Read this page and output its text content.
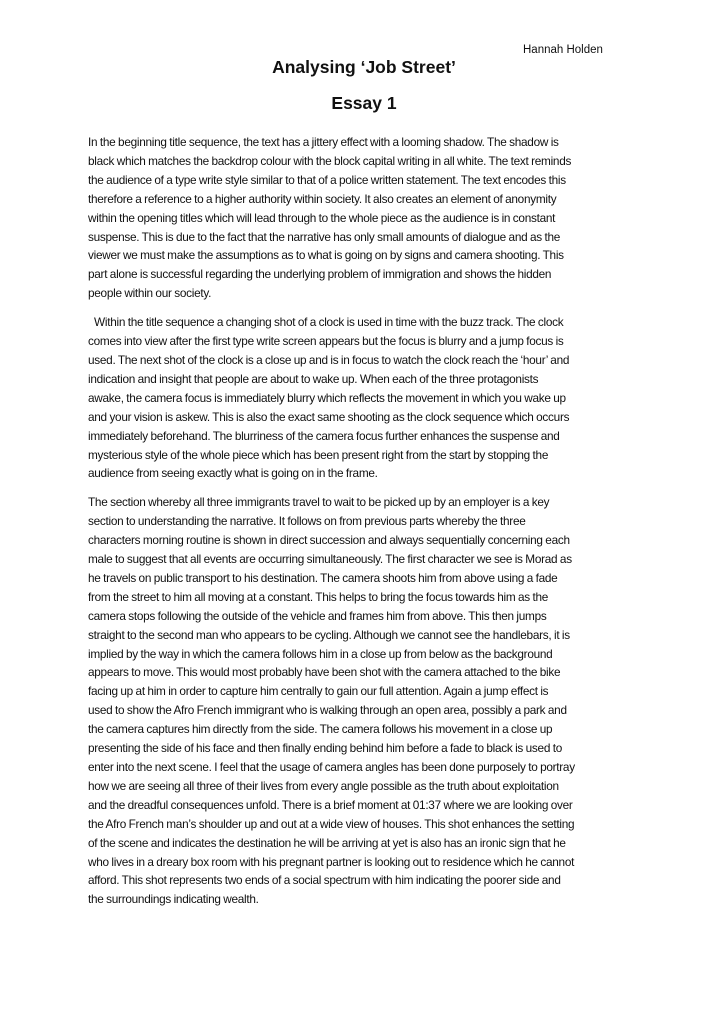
Hannah Holden

Analysing ‘Job Street’
Essay 1

In the beginning title sequence, the text has a jittery effect with a looming shadow. The shadow is
black which matches the backdrop colour with the block capital writing in all white. The text reminds
the audience of a type write style similar to that of a police written statement. The text encodes this
therefore a reference to a higher authority within society. It also creates an element of anonymity
within the opening titles which will lead through to the whole piece as the audience is in constant
suspense. This is due to the fact that the narrative has only small amounts of dialogue and as the
viewer we must make the assumptions as to what is going on by signs and camera shooting. This
part alone is successful regarding the underlying problem of immigration and shows the hidden
people within our society.

Within the title sequence a changing shot of a clock is used in time with the buzz track. The clock
comes into view after the first type write screen appears but the focus is blurry and a jump focus is
used. The next shot of the clock is a close up and is in focus to watch the clock reach the ‘hour’ and
indication and insight that people are about to wake up. When each of the three protagonists
awake, the camera focus is immediately blurry which reflects the movement in which you wake up
and your vision is askew. This is also the exact same shooting as the clock sequence which occurs
immediately beforehand. The blurriness of the camera focus further enhances the suspense and
mysterious style of the whole piece which has been present right from the start by stopping the
audience from seeing exactly what is going on in the frame.

The section whereby all three immigrants travel to wait to be picked up by an employer is a key
section to understanding the narrative. It follows on from previous parts whereby the three
characters morning routine is shown in direct succession and always sequentially concerning each
male to suggest that all events are occurring simultaneously. The first character we see is Morad as
he travels on public transport to his destination. The camera shoots him from above using a fade
from the street to him all moving at a constant. This helps to bring the focus towards him as the
camera stops following the outside of the vehicle and frames him from above. This then jumps
straight to the second man who appears to be cycling. Although we cannot see the handlebars, it is
implied by the way in which the camera follows him in a close up from below as the background
appears to move. This would most probably have been shot with the camera attached to the bike
facing up at him in order to capture him centrally to gain our full attention. Again a jump effect is
used to show the Afro French immigrant who is walking through an open area, possibly a park and
the camera captures him directly from the side. The camera follows his movement in a close up
presenting the side of his face and then finally ending behind him before a fade to black is used to
enter into the next scene. I feel that the usage of camera angles has been done purposely to portray
how we are seeing all three of their lives from every angle possible as the truth about exploitation
and the dreadful consequences unfold. There is a brief moment at 01:37 where we are looking over
the Afro French man’s shoulder up and out at a wide view of houses. This shot enhances the setting
of the scene and indicates the destination he will be arriving at yet is also has an ironic sign that he
who lives in a dreary box room with his pregnant partner is looking out to residence which he cannot
afford. This shot represents two ends of a social spectrum with him indicating the poorer side and
the surroundings indicating wealth.
